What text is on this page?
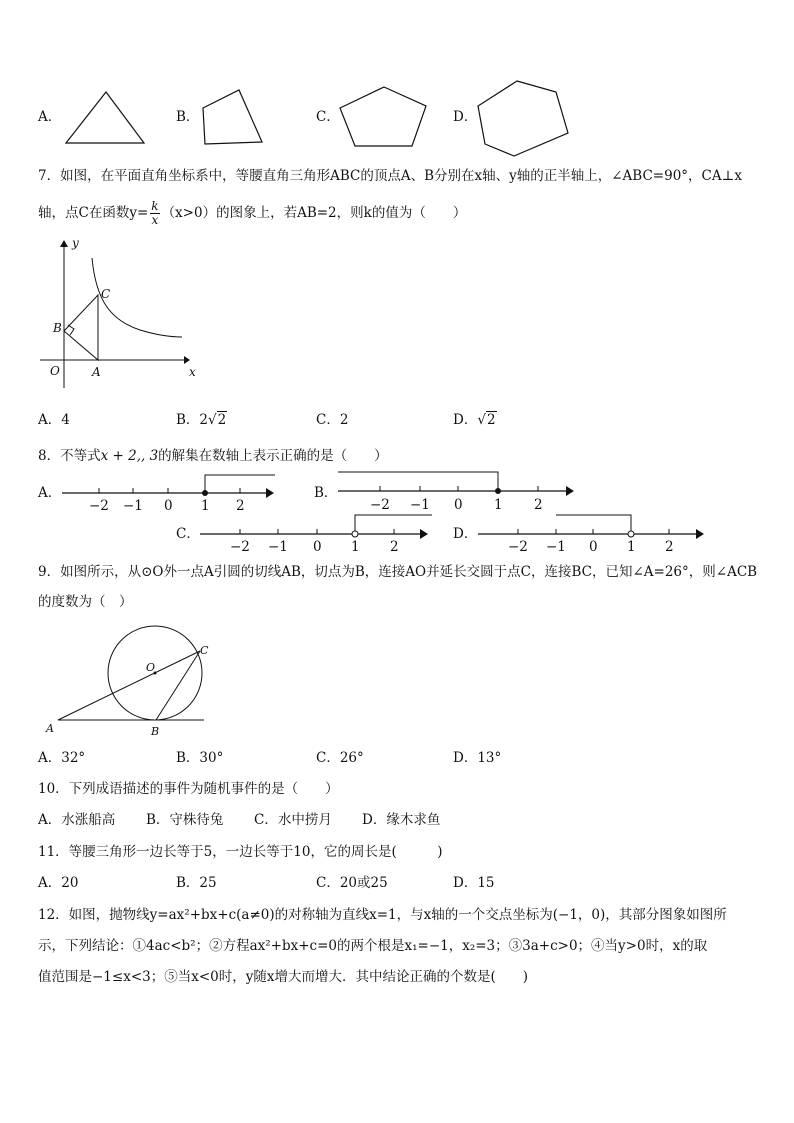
A．	B．	C．	D．
7．如图，在平面直角坐标系中，等腰直角三角形ABC的顶点A、B分别在x轴、y轴的正半轴上，∠ABC=90°，CA⊥x
轴，点C在函数$y= \frac{k}{x} (x>0)$的图象上，若AB=2，则k的值为（　　）
y
x
O	A
B
C
A．4	B．2√2	C．2	D．√2
8．不等式x + 2,, 3的解集在数轴上表示正确的是（　　）
A．	B．
C．	D．
−2 −1 0 1 2	−2 −1 0 1 2
−2 −1 0 1 2	−2 −1 0 1 2
9．如图所示，从⊙O外一点A引圆的切线AB，切点为B，连接AO并延长交圆于点C，连接BC，已知∠A=26°，则∠ACB
的度数为（　）
O
A	B
C
A．32°	B．30°	C．26°	D．13°
10．下列成语描述的事件为随机事件的是（　　）
A．水涨船高 B．守株待兔 C．水中捞月 D．缘木求鱼
11．等腰三角形一边长等于5，一边长等于10，它的周长是(　　　)
A．20	B．25	C．20或25	D．15
12．如图，抛物线y=ax²+bx+c(a≠0)的对称轴为直线x=1，与x轴的一个交点坐标为(−1，0)，其部分图象如图所
示，下列结论：①4ac<b²；②方程ax²+bx+c=0的两个根是x₁=−1，x₂=3；③3a+c>0；④当y>0时，x的取
值范围是−1≤x<3；⑤当x<0时，y随x增大而增大．其中结论正确的个数是(　　)
